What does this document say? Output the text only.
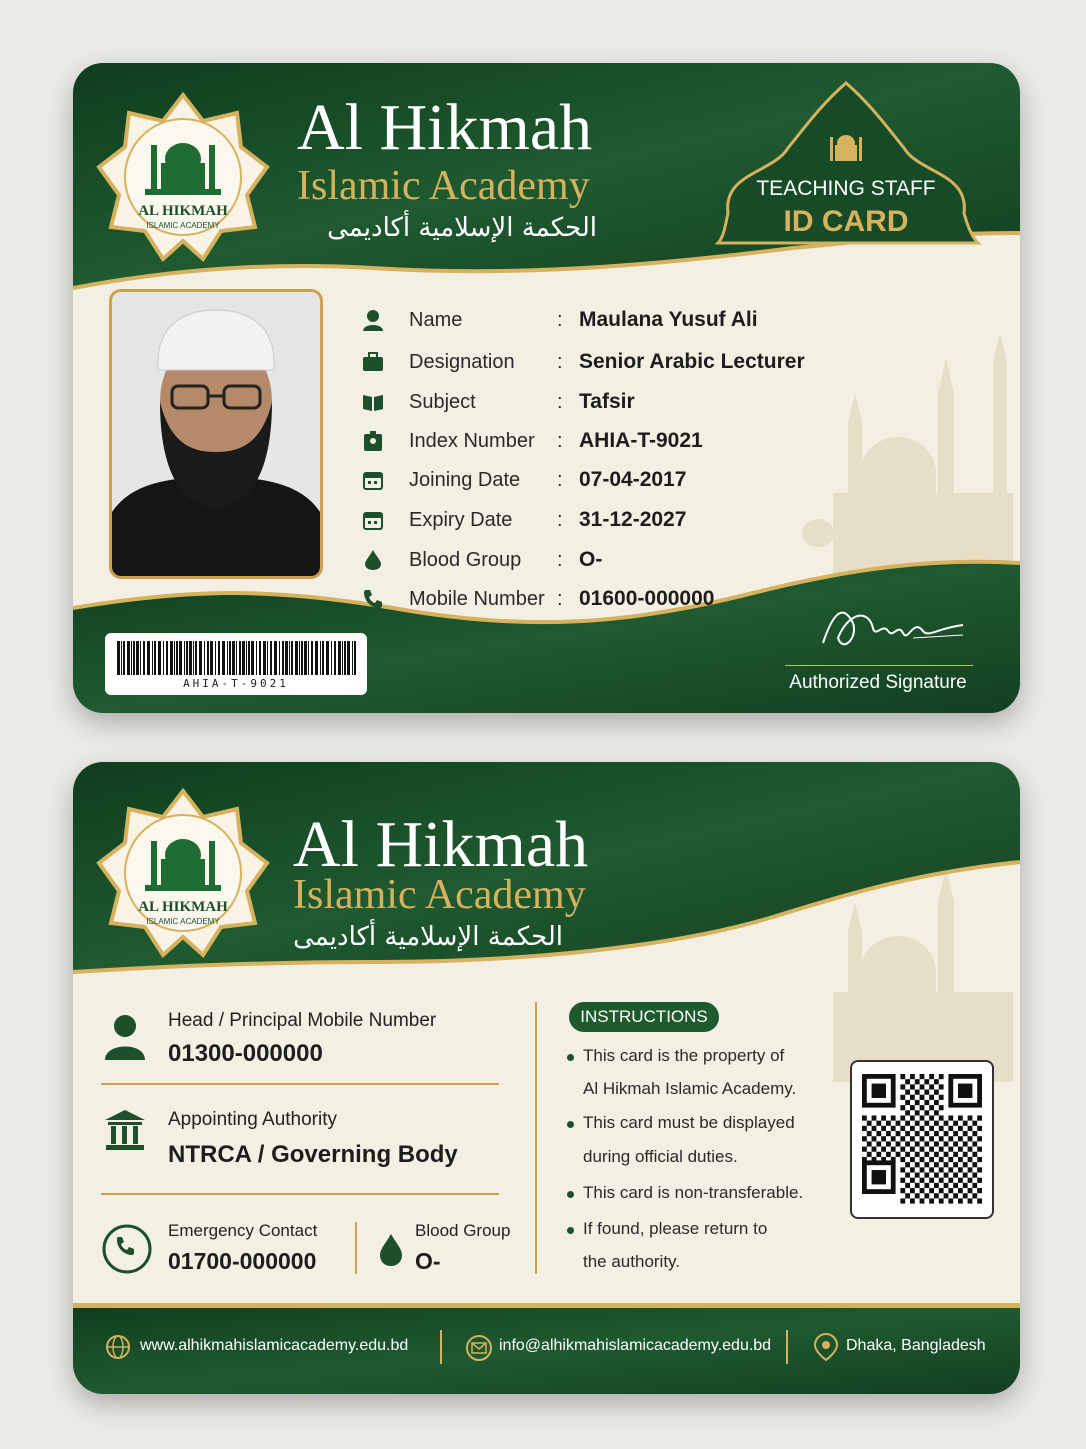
AL HIKMAH
ISLAMIC ACADEMY
Al Hikmah
Islamic Academy
الحكمة الإسلامية أكاديمى
TEACHING STAFF
ID CARD
Name	: Maulana Yusuf Ali
Designation : Senior Arabic Lecturer
Subject	: Tafsir
Index Number : AHIA-T-9021
Joining Date : 07-04-2017
Expiry Date : 31-12-2027
Blood Group : O-
Mobile Number : 01600-000000
AHIA-T-9021	Authorized Signature
AL HIKMAH
ISLAMIC ACADEMY
Al Hikmah
Islamic Academy
الحكمة الإسلامية أكاديمى
Head / Principal Mobile Number
01300-000000
Appointing Authority
NTRCA / Governing Body
Emergency Contact
01700-000000
Blood Group
O-
INSTRUCTIONS
This card is the property of
Al Hikmah Islamic Academy.
This card must be displayed
during official duties.
This card is non-transferable.
If found, please return to
the authority.
www.alhikmahislamicacademy.edu.bd	info@alhikmahislamicacademy.edu.bd	Dhaka, Bangladesh
